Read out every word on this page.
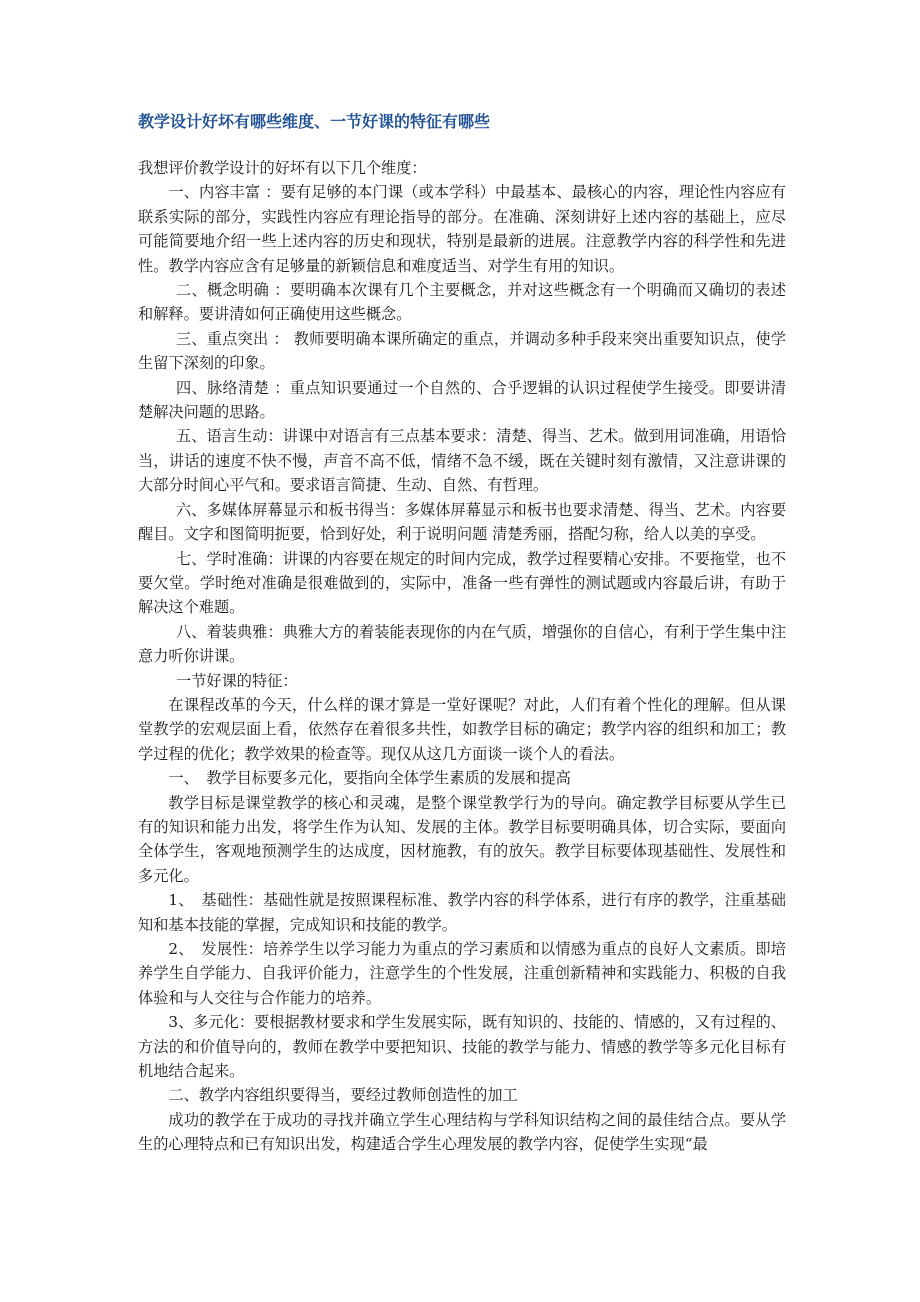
教学设计好坏有哪些维度、一节好课的特征有哪些

我想评价教学设计的好坏有以下几个维度：

一、内容丰富 ：要有足够的本门课（或本学科）中最基本、最核心的内容，理论性内容应有联系实际的部分，实践性内容应有理论指导的部分。在准确、深刻讲好上述内容的基础上，应尽可能简要地介绍一些上述内容的历史和现状，特别是最新的进展。注意教学内容的科学性和先进性。教学内容应含有足够量的新颖信息和难度适当、对学生有用的知识。

二、概念明确 ：要明确本次课有几个主要概念，并对这些概念有一个明确而又确切的表述和解释。要讲清如何正确使用这些概念。

三、重点突出 ： 教师要明确本课所确定的重点，并调动多种手段来突出重要知识点，使学生留下深刻的印象。

四、脉络清楚 ：重点知识要通过一个自然的、合乎逻辑的认识过程使学生接受。即要讲清楚解决问题的思路。

五、语言生动：讲课中对语言有三点基本要求：清楚、得当、艺术。做到用词准确，用语恰当，讲话的速度不快不慢，声音不高不低，情绪不急不缓，既在关键时刻有激情，又注意讲课的大部分时间心平气和。要求语言简捷、生动、自然、有哲理。

六、多媒体屏幕显示和板书得当：多媒体屏幕显示和板书也要求清楚、得当、艺术。内容要醒目。文字和图简明扼要，恰到好处，利于说明问题 清楚秀丽，搭配匀称，给人以美的享受。

七、学时准确：讲课的内容要在规定的时间内完成，教学过程要精心安排。不要拖堂，也不要欠堂。学时绝对准确是很难做到的，实际中，准备一些有弹性的测试题或内容最后讲，有助于解决这个难题。

八、着装典雅：典雅大方的着装能表现你的内在气质，增强你的自信心，有利于学生集中注意力听你讲课。

一节好课的特征：

在课程改革的今天，什么样的课才算是一堂好课呢？对此，人们有着个性化的理解。但从课堂教学的宏观层面上看，依然存在着很多共性，如教学目标的确定；教学内容的组织和加工；教学过程的优化；教学效果的检查等。现仅从这几方面谈一谈个人的看法。

一、　教学目标要多元化，要指向全体学生素质的发展和提高

教学目标是课堂教学的核心和灵魂，是整个课堂教学行为的导向。确定教学目标要从学生已有的知识和能力出发，将学生作为认知、发展的主体。教学目标要明确具体，切合实际，要面向全体学生，客观地预测学生的达成度，因材施教，有的放矢。教学目标要体现基础性、发展性和多元化。

1、　基础性：基础性就是按照课程标准、教学内容的科学体系，进行有序的教学，注重基础知和基本技能的掌握，完成知识和技能的教学。

2、　发展性：培养学生以学习能力为重点的学习素质和以情感为重点的良好人文素质。即培养学生自学能力、自我评价能力，注意学生的个性发展，注重创新精神和实践能力、积极的自我体验和与人交往与合作能力的培养。

3、多元化：要根据教材要求和学生发展实际，既有知识的、技能的、情感的，又有过程的、方法的和价值导向的，教师在教学中要把知识、技能的教学与能力、情感的教学等多元化目标有机地结合起来。

二、教学内容组织要得当，要经过教师创造性的加工

成功的教学在于成功的寻找并确立学生心理结构与学科知识结构之间的最佳结合点。要从学生的心理特点和已有知识出发，构建适合学生心理发展的教学内容，促使学生实现“最
